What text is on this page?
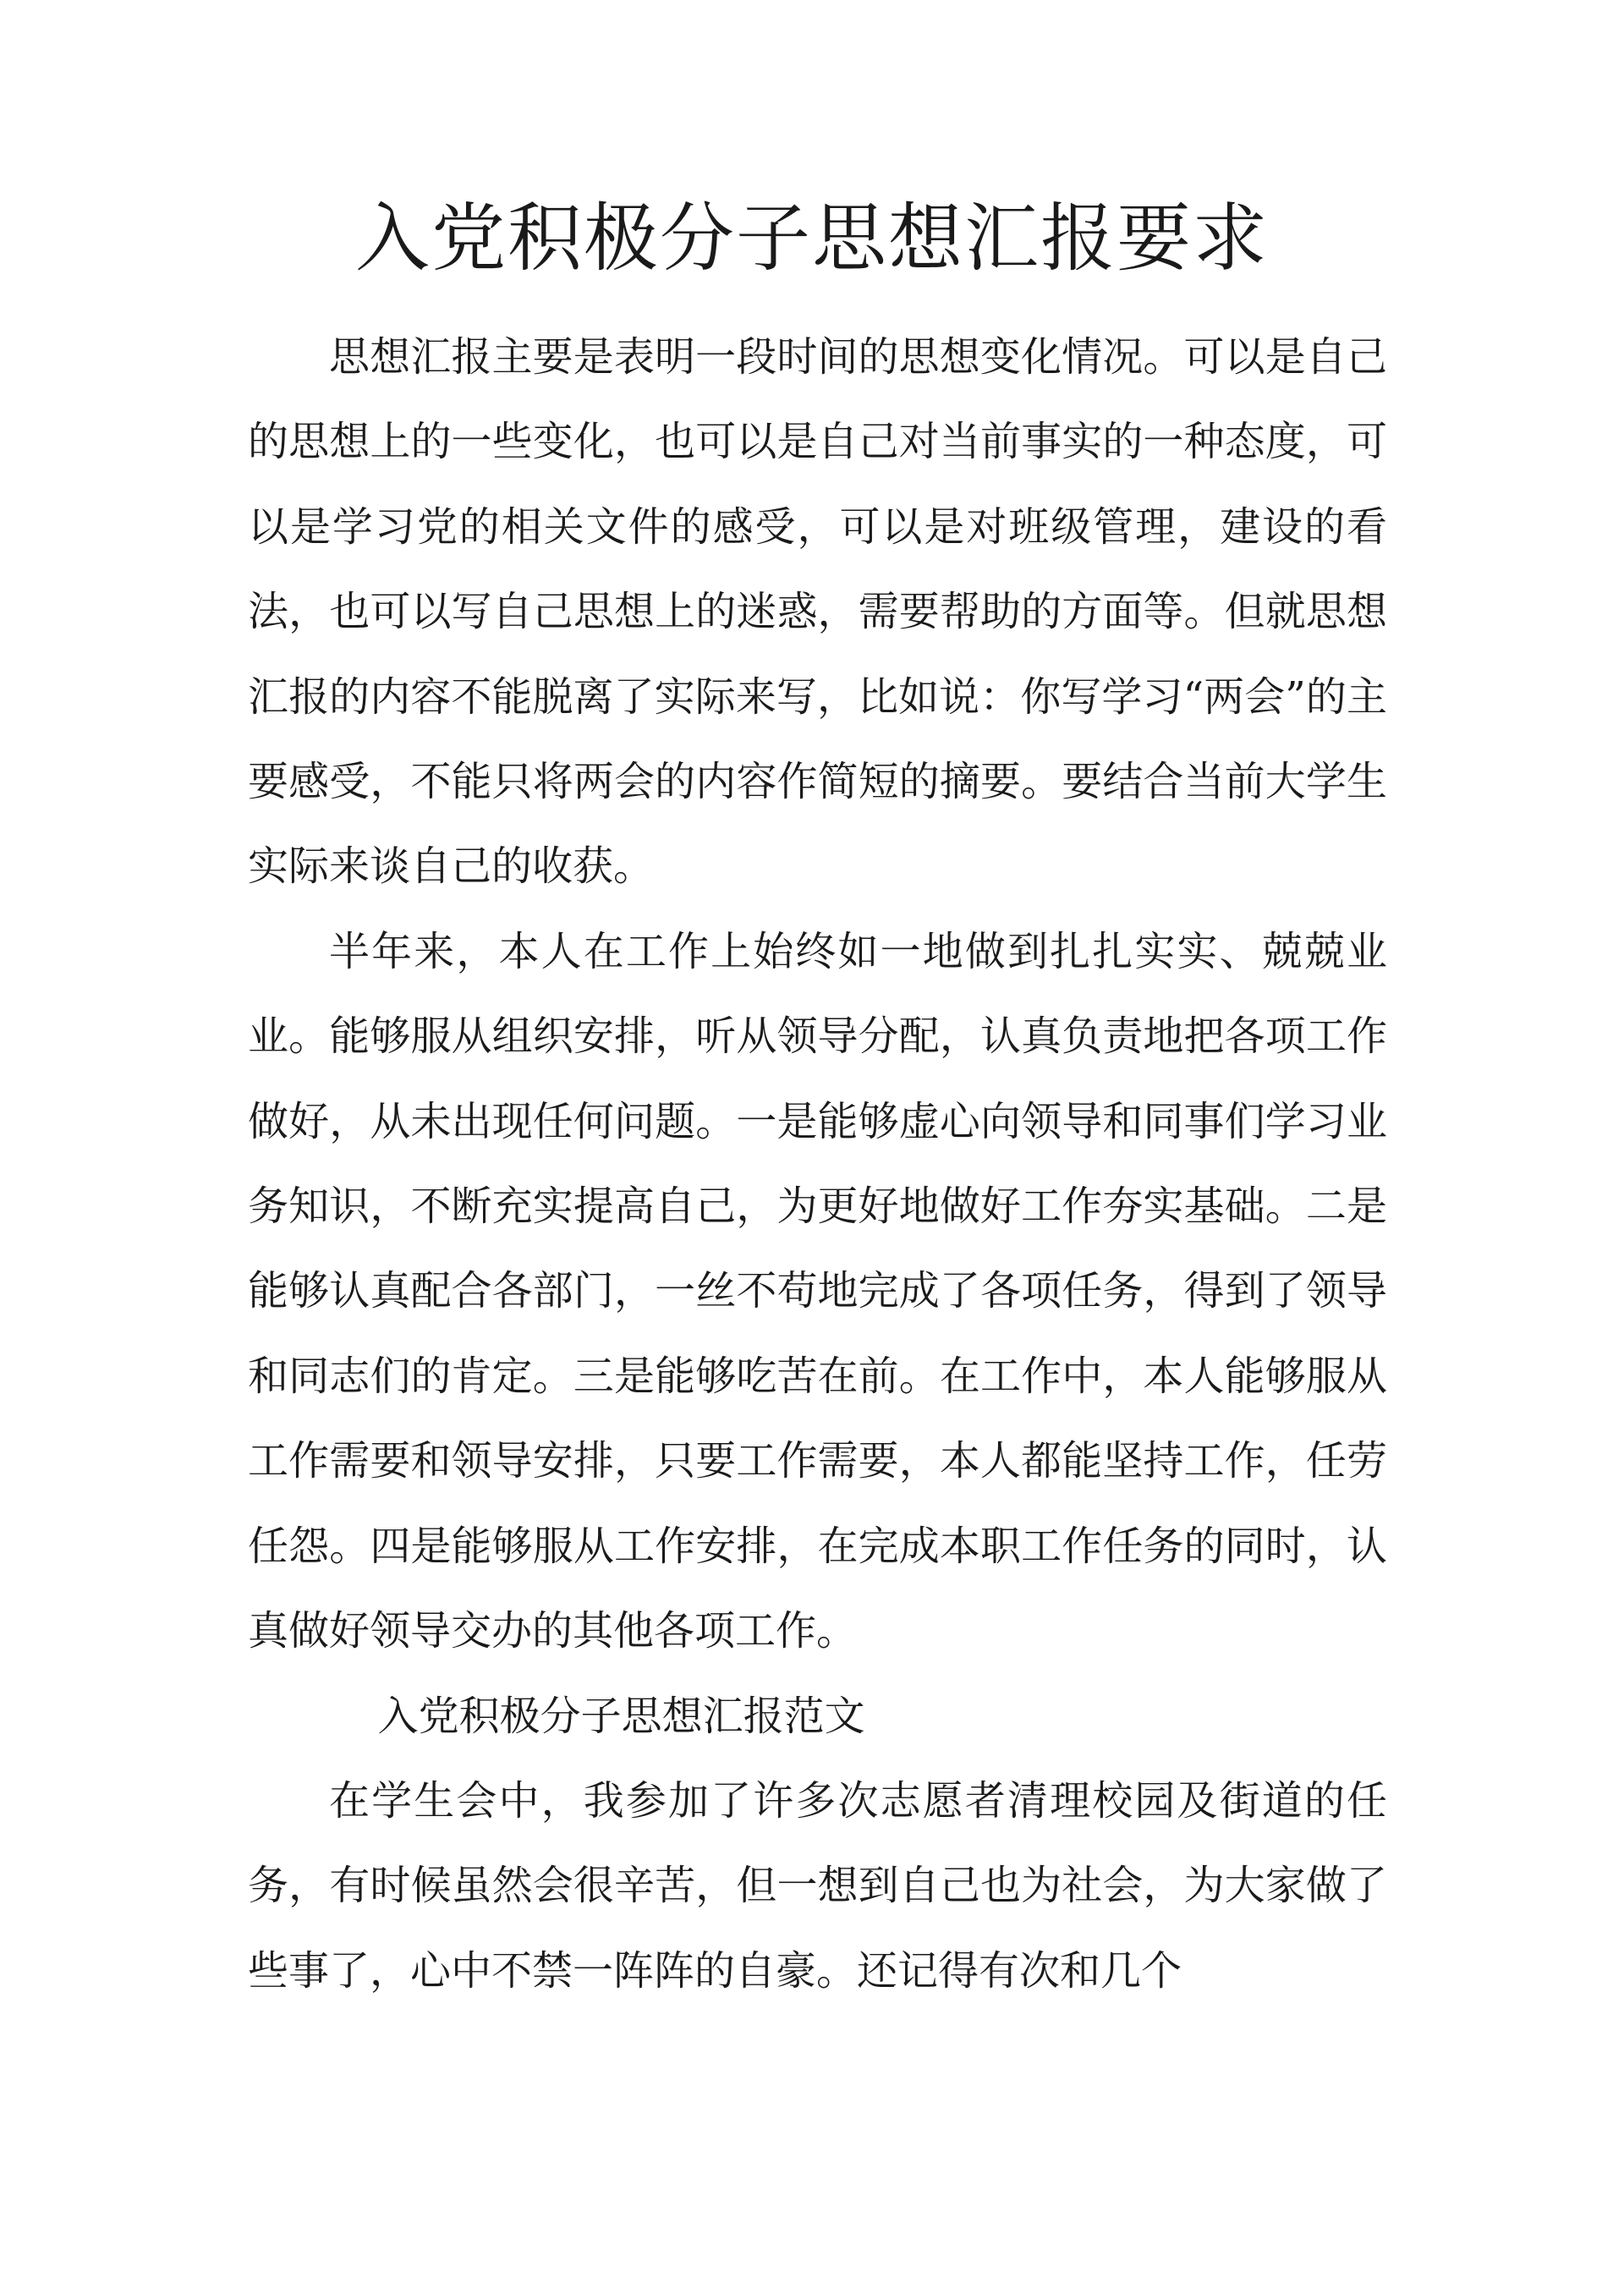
入党积极分子思想汇报要求

思想汇报主要是表明一段时间的思想变化情况。可以是自己的思想上的一些变化，也可以是自己对当前事实的一种态度，可以是学习党的相关文件的感受，可以是对班级管理，建设的看法，也可以写自己思想上的迷惑，需要帮助的方面等。但就思想汇报的内容不能脱离了实际来写，比如说：你写学习“两会”的主要感受，不能只将两会的内容作简短的摘要。要结合当前大学生实际来谈自己的收获。

半年来，本人在工作上始终如一地做到扎扎实实、兢兢业业。能够服从组织安排，听从领导分配，认真负责地把各项工作做好，从未出现任何问题。一是能够虚心向领导和同事们学习业务知识，不断充实提高自己，为更好地做好工作夯实基础。二是能够认真配合各部门，一丝不苟地完成了各项任务，得到了领导和同志们的肯定。三是能够吃苦在前。在工作中，本人能够服从工作需要和领导安排，只要工作需要，本人都能坚持工作，任劳任怨。四是能够服从工作安排，在完成本职工作任务的同时，认真做好领导交办的其他各项工作。

入党积极分子思想汇报范文

在学生会中，我参加了许多次志愿者清理校园及街道的任务，有时候虽然会很辛苦，但一想到自己也为社会，为大家做了些事了，心中不禁一阵阵的自豪。还记得有次和几个
